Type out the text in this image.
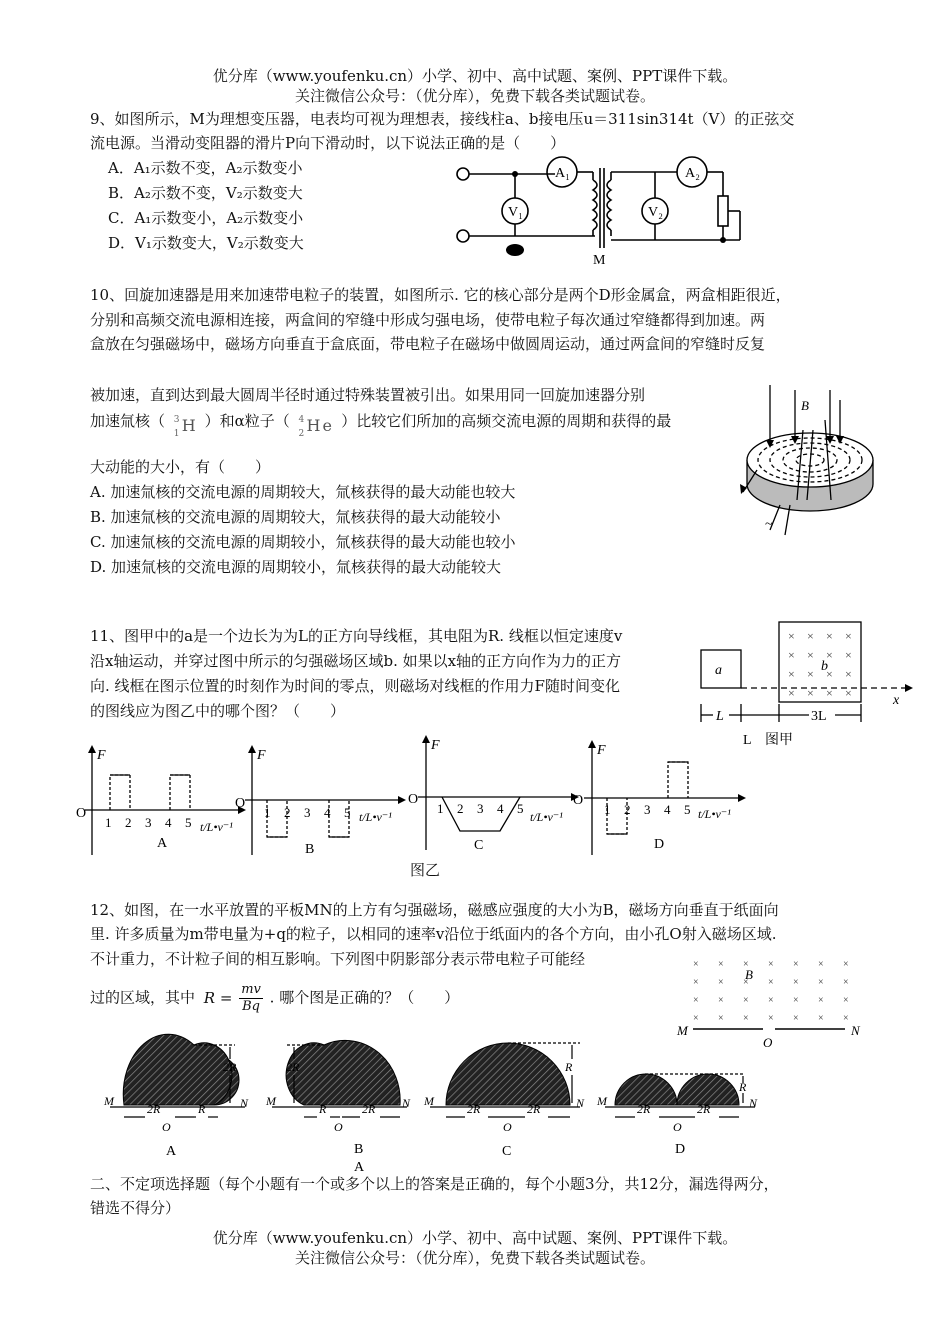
优分库（www.youfenku.cn）小学、初中、高中试题、案例、PPT课件下载。
关注微信公众号：（优分库），免费下载各类试题试卷。
9、如图所示，M为理想变压器，电表均可视为理想表，接线柱a、b接电压u＝311sin314t（V）的正弦交
流电源。当滑动变阻器的滑片P向下滑动时，以下说法正确的是（　　）
A．A₁示数不变，A₂示数变小
B．A₂示数不变，V₂示数变大
C．A₁示数变小，A₂示数变小
D．V₁示数变大，V₂示数变大
A₁	A₂
V₁	V₂
M
10、回旋加速器是用来加速带电粒子的装置，如图所示. 它的核心部分是两个D形金属盒，两盒相距很近，
分别和高频交流电源相连接，两盒间的窄缝中形成匀强电场，使带电粒子每次通过窄缝都得到加速。两
盒放在匀强磁场中，磁场方向垂直于盒底面，带电粒子在磁场中做圆周运动，通过两盒间的窄缝时反复
被加速，直到达到最大圆周半径时通过特殊装置被引出。如果用同一回旋加速器分别
加速氚核（ 3
1 H ）和α粒子（ 4
2 He ）比较它们所加的高频交流电源的周期和获得的最
大动能的大小，有（　　）
A. 加速氚核的交流电源的周期较大，氚核获得的最大动能也较大
B. 加速氚核的交流电源的周期较大，氚核获得的最大动能较小
C. 加速氚核的交流电源的周期较小，氚核获得的最大动能也较小
D. 加速氚核的交流电源的周期较小，氚核获得的最大动能较大
B
~
11、图甲中的a是一个边长为为L的正方向导线框，其电阻为R. 线框以恒定速度v
沿x轴运动，并穿过图中所示的匀强磁场区域b. 如果以x轴的正方向作为力的正方
向. 线框在图示位置的时刻作为时间的零点，则磁场对线框的作用力F随时间变化
的图线应为图乙中的哪个图？（　　）
a	b
x
L
L
3L
图甲
× × × ×
× × × ×
× × × ×
× × × ×
F
O
1 2 3 4 5 t/L•v⁻¹
A
F
O
1 2 3 4 5 t/L•v⁻¹
B
F
O
1 2 3 4 5
t/L•v⁻¹
C
F
O
1 2 3 4 5 t/L•v⁻¹
D
图乙
12、如图，在一水平放置的平板MN的上方有匀强磁场，磁感应强度的大小为B，磁场方向垂直于纸面向
里. 许多质量为m带电量为+q的粒子，以相同的速率v沿位于纸面内的各个方向，由小孔O射入磁场区域.
不计重力，不计粒子间的相互影响。下列图中阴影部分表示带电粒子可能经
过的区域，其中 $R = \frac{mv}{Bq}$ . 哪个图是正确的？（　　）
× × × × × × ×
× × × × × × ×
× × × × × × ×
× × × × × × ×
B
M	N
O
2R
M	N
2R	R
O
A
2R
M	N
R	2R
O
B
A
R
M	N
2R	2R
O
C
R
M	N
2R	2R
O
D
二、不定项选择题（每个小题有一个或多个以上的答案是正确的，每个小题3分，共12分，漏选得两分，
错选不得分）
优分库（www.youfenku.cn）小学、初中、高中试题、案例、PPT课件下载。
关注微信公众号：（优分库），免费下载各类试题试卷。
